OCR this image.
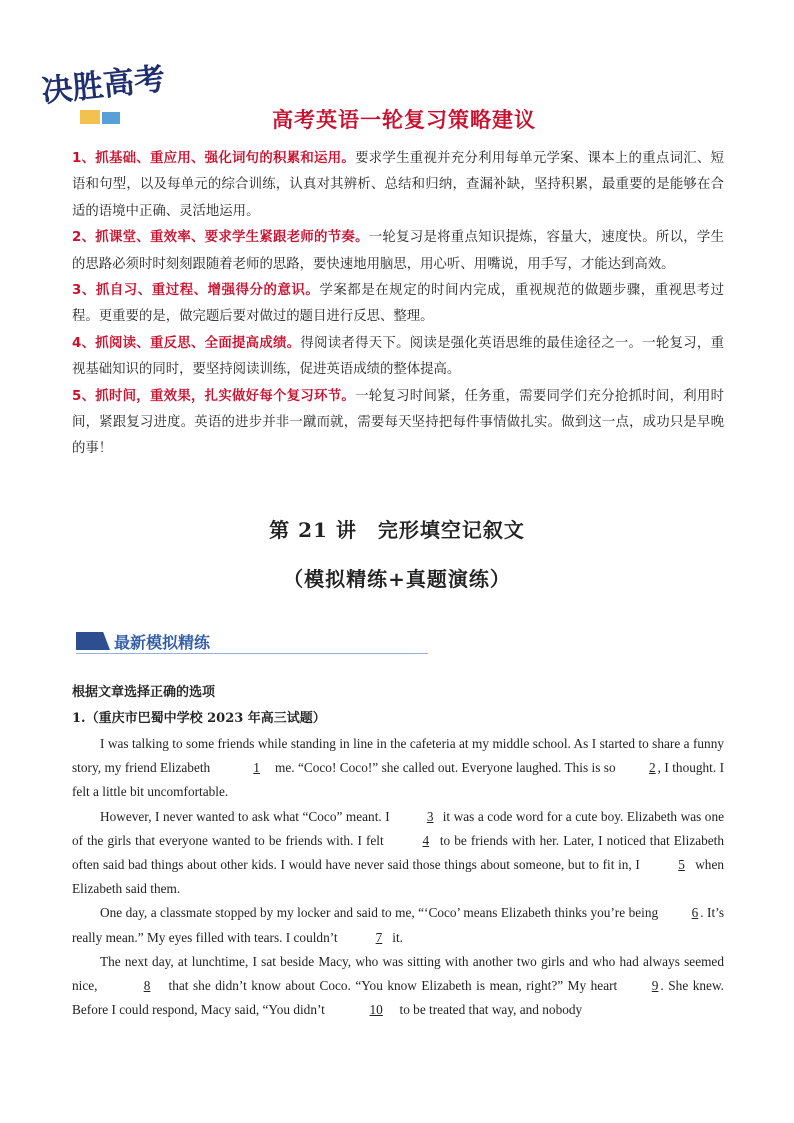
决胜高考
高考英语一轮复习策略建议

1、抓基础、重应用、强化词句的积累和运用。要求学生重视并充分利用每单元学案、课本上的重点词汇、短语和句型，以及每单元的综合训练，认真对其辨析、总结和归纳，查漏补缺，坚持积累，最重要的是能够在合适的语境中正确、灵活地运用。

2、抓课堂、重效率、要求学生紧跟老师的节奏。一轮复习是将重点知识提炼，容量大，速度快。所以，学生的思路必须时时刻刻跟随着老师的思路，要快速地用脑思，用心听、用嘴说，用手写，才能达到高效。

3、抓自习、重过程、增强得分的意识。学案都是在规定的时间内完成，重视规范的做题步骤，重视思考过程。更重要的是，做完题后要对做过的题目进行反思、整理。

4、抓阅读、重反思、全面提高成绩。得阅读者得天下。阅读是强化英语思维的最佳途径之一。一轮复习，重视基础知识的同时，要坚持阅读训练，促进英语成绩的整体提高。

5、抓时间，重效果，扎实做好每个复习环节。一轮复习时间紧，任务重，需要同学们充分抢抓时间，利用时间，紧跟复习进度。英语的进步并非一蹴而就，需要每天坚持把每件事情做扎实。做到这一点，成功只是早晚的事！

第 21 讲　完形填空记叙文
（模拟精练+真题演练）
最新模拟精练
根据文章选择正确的选项
1.（重庆市巴蜀中学校 2023 年高三试题）

I was talking to some friends while standing in line in the cafeteria at my middle school. As I started to share a funny story, my friend Elizabeth	1 me. “Coco! Coco!” she called out. Everyone laughed. This is so	2 , I thought. I felt a little bit uncomfortable.

However, I never wanted to ask what “Coco” meant. I	3 it was a code word for a cute boy. Elizabeth was one of the girls that everyone wanted to be friends with. I felt	4 to be friends with her. Later, I noticed that Elizabeth often said bad things about other kids. I would have never said those things about someone, but to fit in, I	5 when Elizabeth said them.

One day, a classmate stopped by my locker and said to me, “‘Coco’ means Elizabeth thinks you’re being	6 . It’s really mean.” My eyes filled with tears. I couldn’t	7 it.

The next day, at lunchtime, I sat beside Macy, who was sitting with another two girls and who had always seemed nice,	8 that she didn’t know about Coco. “You know Elizabeth is mean, right?” My heart	9 . She knew. Before I could respond, Macy said, “You didn’t	10 to be treated that way, and nobody
